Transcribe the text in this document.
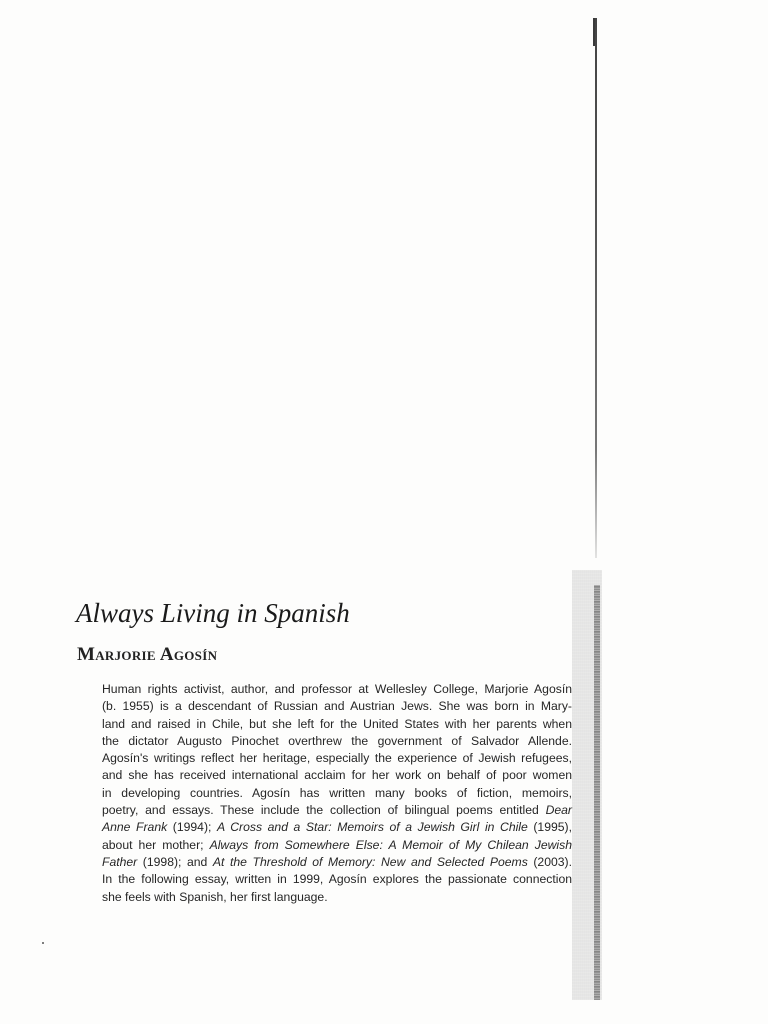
Always Living in Spanish
Marjorie Agosín

Human rights activist, author, and professor at Wellesley College, Marjorie Agosín
(b. 1955) is a descendant of Russian and Austrian Jews. She was born in Mary-
land and raised in Chile, but she left for the United States with her parents when
the dictator Augusto Pinochet overthrew the government of Salvador Allende.
Agosín's writings reflect her heritage, especially the experience of Jewish refugees,
and she has received international acclaim for her work on behalf of poor women
in developing countries. Agosín has written many books of fiction, memoirs,
poetry, and essays. These include the collection of bilingual poems entitled Dear
Anne Frank (1994); A Cross and a Star: Memoirs of a Jewish Girl in Chile (1995),
about her mother; Always from Somewhere Else: A Memoir of My Chilean Jewish
Father (1998); and At the Threshold of Memory: New and Selected Poems (2003).
In the following essay, written in 1999, Agosín explores the passionate connection
she feels with Spanish, her first language.
